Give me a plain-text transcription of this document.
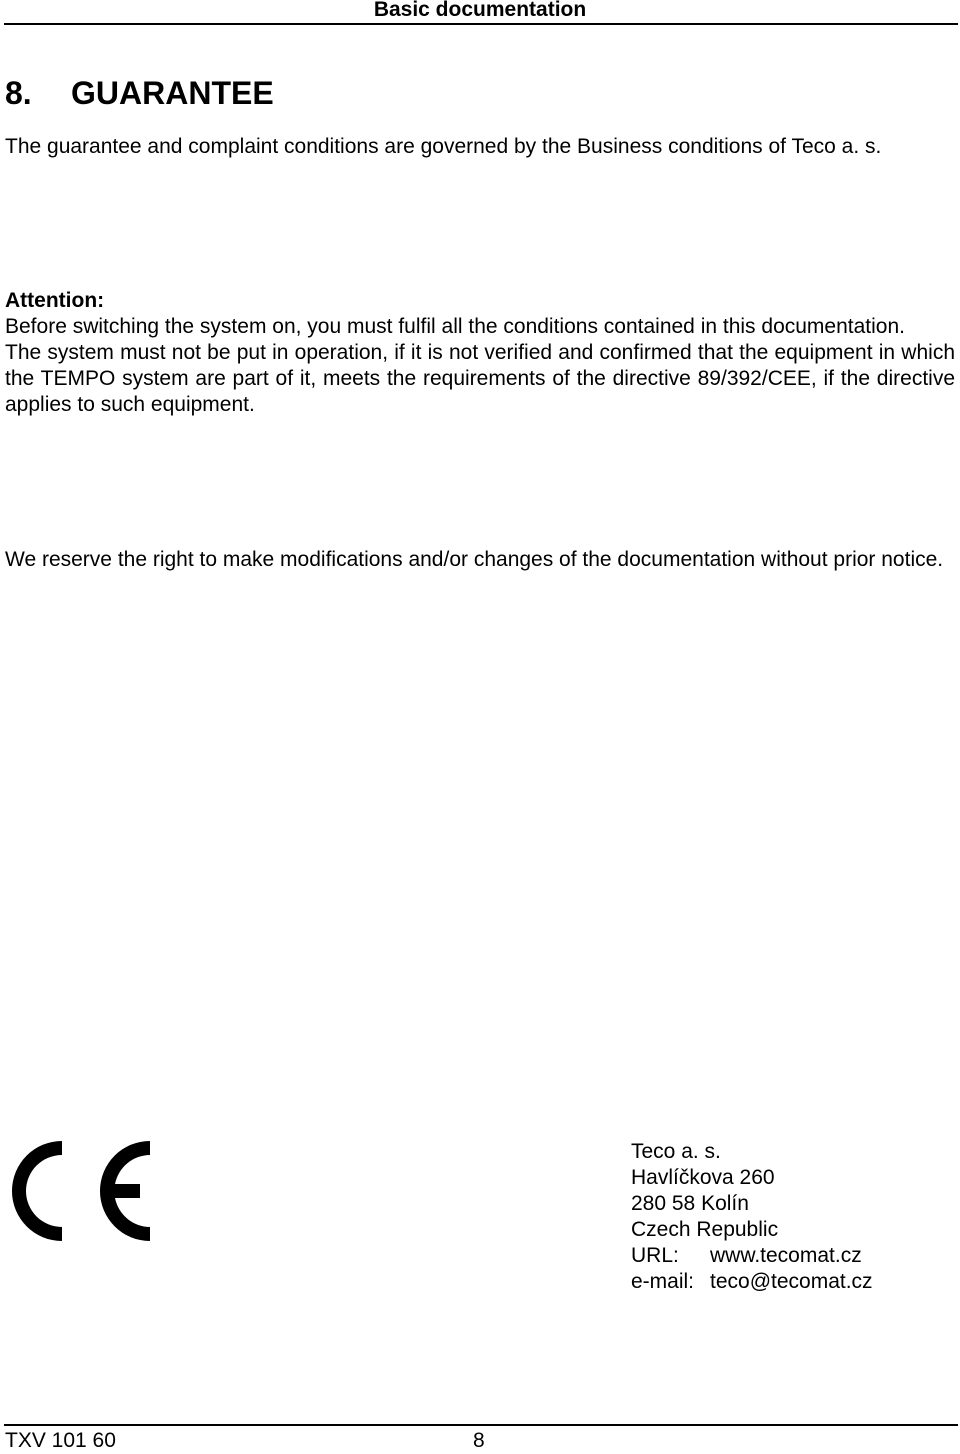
Basic documentation
8. GUARANTEE

The guarantee and complaint conditions are governed by the Business conditions of Teco a. s.

Attention:
Before switching the system on, you must fulfil all the conditions contained in this documentation.
The system must not be put in operation, if it is not verified and confirmed that the equipment in which the TEMPO system are part of it, meets the requirements of the directive 89/392/CEE, if the directive applies to such equipment.

We reserve the right to make modifications and/or changes of the documentation without prior notice.

Teco a. s.
Havlíčkova 260
280 58 Kolín
Czech Republic
URL: www.tecomat.cz
e-mail: teco@tecomat.cz
TXV 101 60	8
